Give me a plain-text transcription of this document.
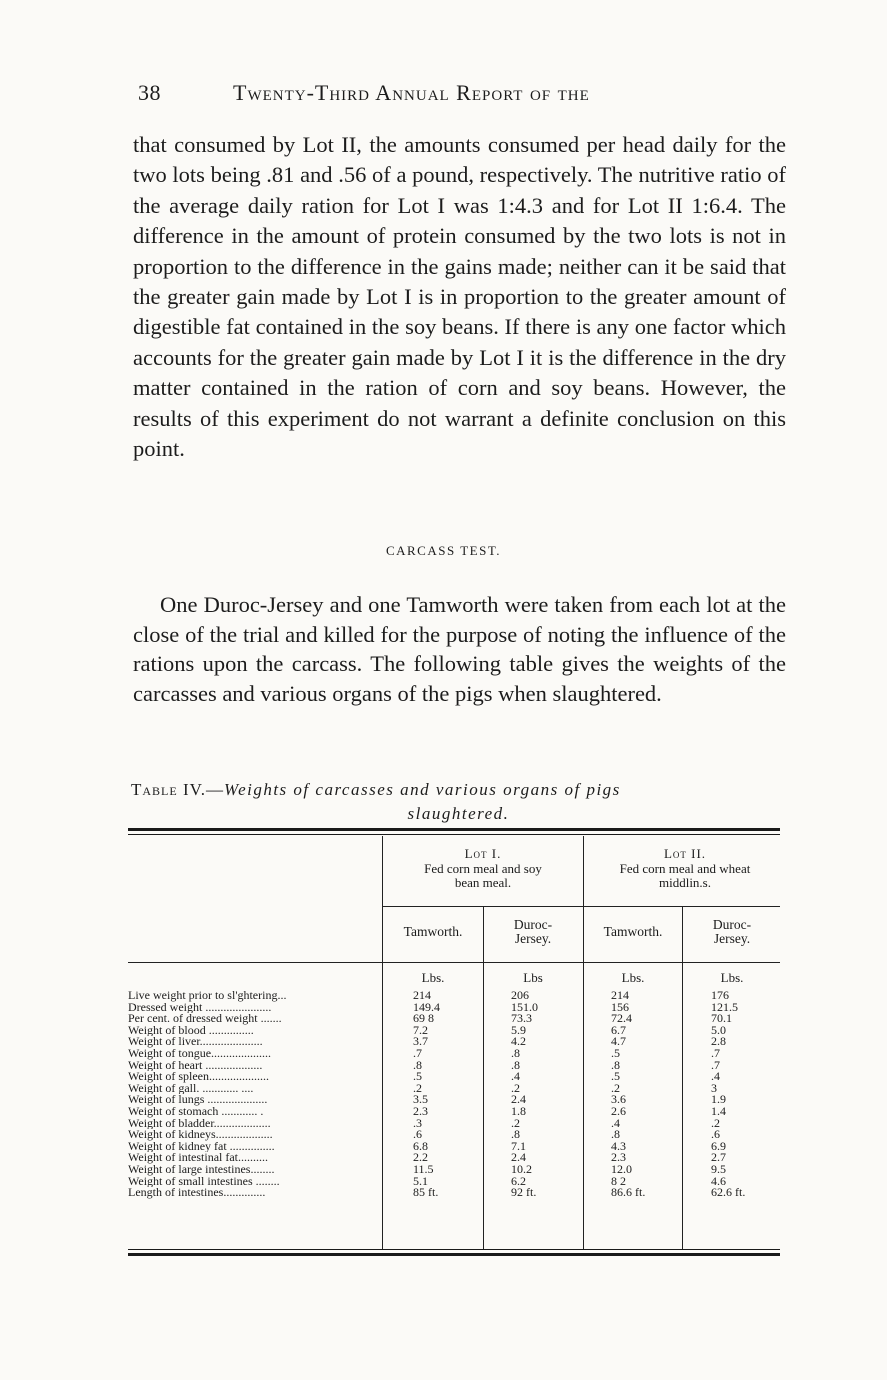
38	Twenty-Third Annual Report of the

that consumed by Lot II, the amounts consumed per head daily for the two lots being .81 and .56 of a pound, respectively. The nutritive ratio of the average daily ration for Lot I was 1:4.3 and for Lot II 1:6.4. The difference in the amount of protein consumed by the two lots is not in proportion to the difference in the gains made; neither can it be said that the greater gain made by Lot I is in proportion to the greater amount of digestible fat contained in the soy beans. If there is any one factor which accounts for the greater gain made by Lot I it is the difference in the dry matter contained in the ration of corn and soy beans. However, the results of this experiment do not warrant a definite conclusion on this point.

CARCASS TEST.

One Duroc-Jersey and one Tamworth were taken from each lot at the close of the trial and killed for the purpose of noting the influence of the rations upon the carcass. The following table gives the weights of the carcasses and various organs of the pigs when slaughtered.

Table IV.—Weights of carcasses and various organs of pigs
slaughtered.
Lot I.
Fed corn meal and soy
bean meal.
Lot II.
Fed corn meal and wheat
middlin.s.
Tamworth.	Duroc-
Jersey.	Tamworth.	Duroc-
Jersey.
Lbs.	Lbs	Lbs.	Lbs.
Live weight prior to sl'ghtering...	214	206	214	176
Dressed weight ......................	149.4	151.0	156	121.5
Per cent. of dressed weight .......	69 8	73.3	72.4	70.1
Weight of blood ...............	7.2	5.9	6.7	5.0
Weight of liver.....................	3.7	4.2	4.7	2.8
Weight of tongue....................	.7	.8	.5	.7
Weight of heart ...................	.8	.8	.8	.7
Weight of spleen....................	.5	.4	.5	.4
Weight of gall. ............ ....	.2	.2	.2	3
Weight of lungs ....................	3.5	2.4	3.6	1.9
Weight of stomach ............ .	2.3	1.8	2.6	1.4
Weight of bladder...................	.3	.2	.4	.2
Weight of kidneys...................	.6	.8	.8	.6
Weight of kidney fat ...............	6.8	7.1	4.3	6.9
Weight of intestinal fat..........	2.2	2.4	2.3	2.7
Weight of large intestines........	11.5	10.2	12.0	9.5
Weight of small intestines ........	5.1	6.2	8 2	4.6
Length of intestines..............	85 ft.	92 ft.	86.6 ft.	62.6 ft.
